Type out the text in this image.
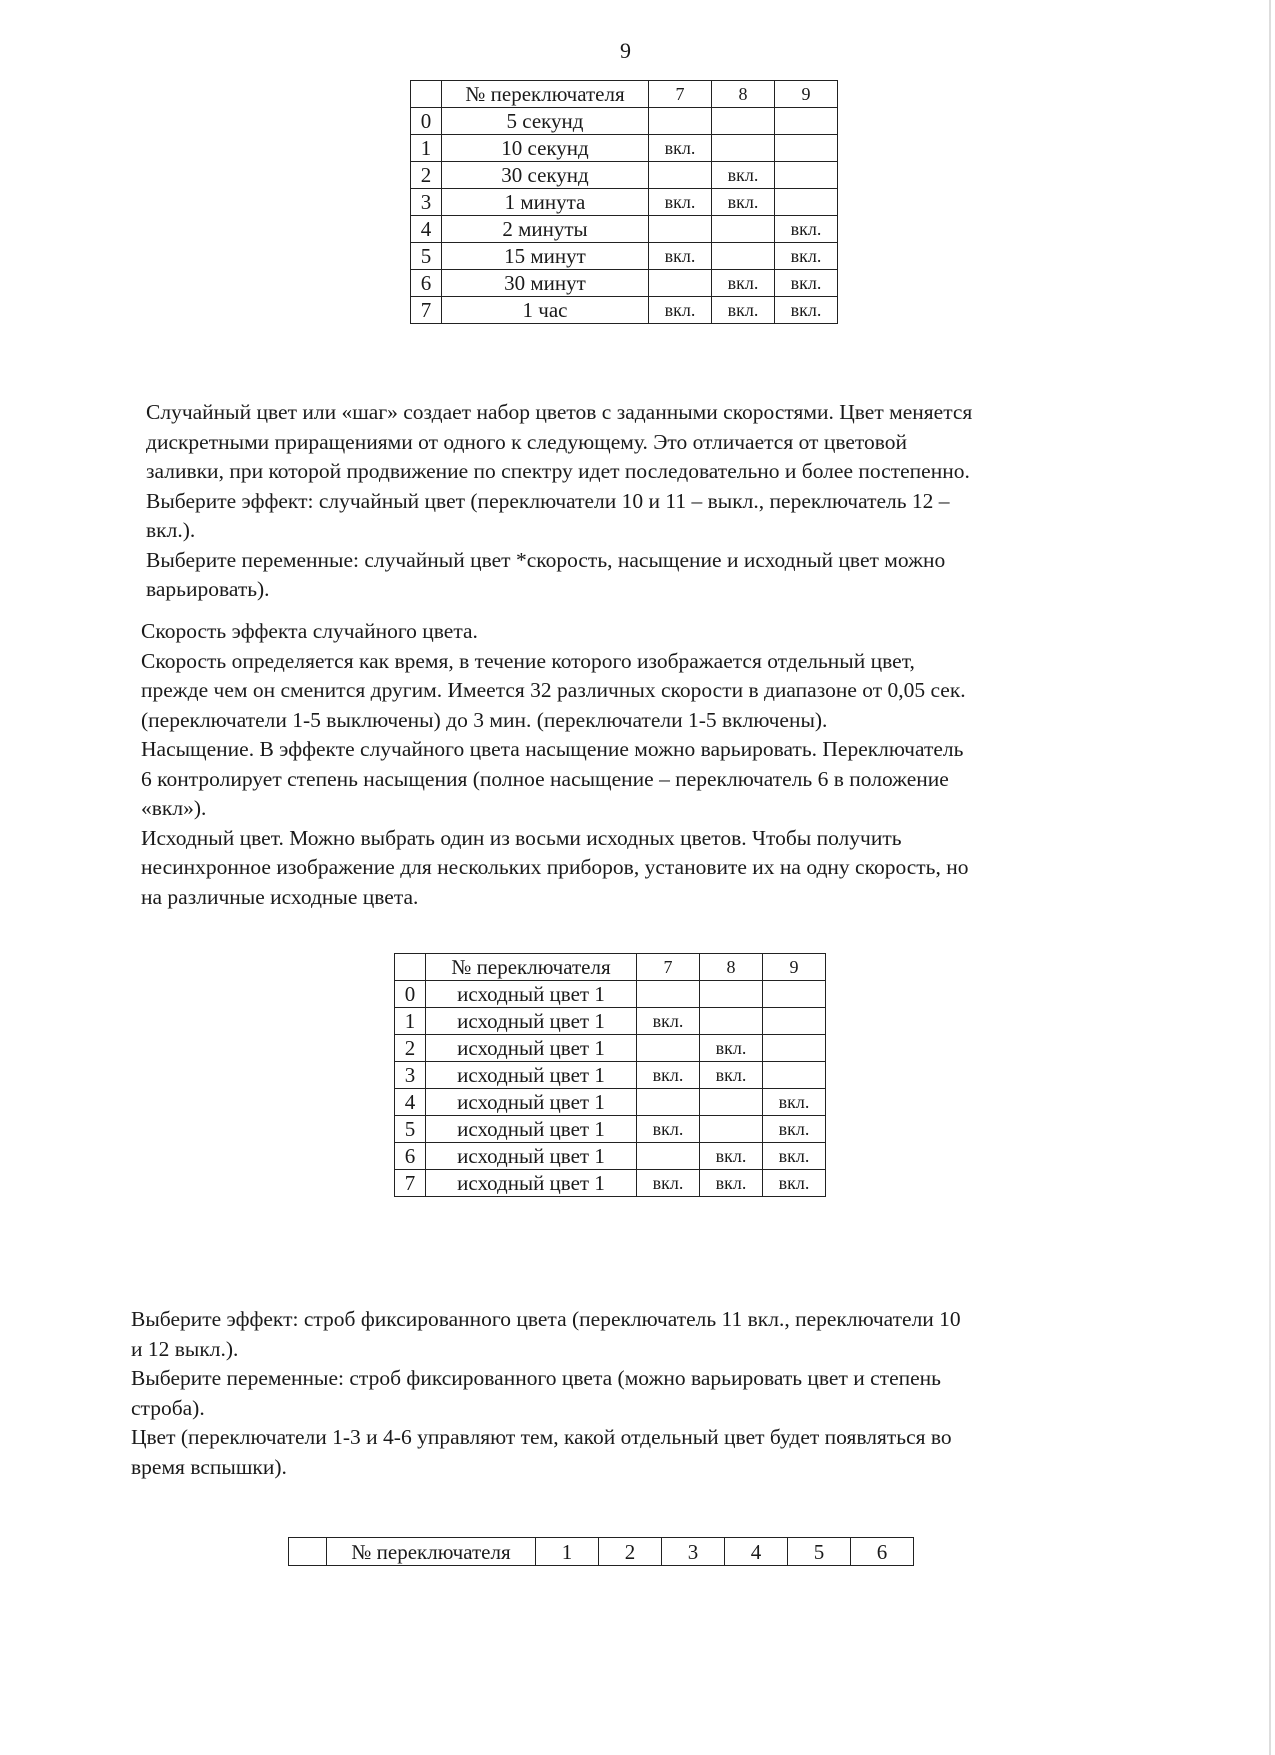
9
	№ переключателя	7	8	9
0	5 секунд			
1	10 секунд	вкл.		
2	30 секунд		вкл.	
3	1 минута	вкл.	вкл.	
4	2 минуты			вкл.
5	15 минут	вкл.		вкл.
6	30 минут		вкл.	вкл.
7	1 час	вкл.	вкл.	вкл.
Случайный цвет или «шаг» создает набор цветов с заданными скоростями. Цвет меняется
дискретными приращениями от одного к следующему. Это отличается от цветовой
заливки, при которой продвижение по спектру идет последовательно и более постепенно.
Выберите эффект: случайный цвет (переключатели 10 и 11 – выкл., переключатель 12 –
вкл.).
Выберите переменные: случайный цвет *скорость, насыщение и исходный цвет можно
варьировать).
Скорость эффекта случайного цвета.
Скорость определяется как время, в течение которого изображается отдельный цвет,
прежде чем он сменится другим. Имеется 32 различных скорости в диапазоне от 0,05 сек.
(переключатели 1-5 выключены) до 3 мин. (переключатели 1-5 включены).
Насыщение. В эффекте случайного цвета насыщение можно варьировать. Переключатель
6 контролирует степень насыщения (полное насыщение – переключатель 6 в положение
«вкл»).
Исходный цвет. Можно выбрать один из восьми исходных цветов. Чтобы получить
несинхронное изображение для нескольких приборов, установите их на одну скорость, но
на различные исходные цвета.
	№ переключателя	7	8	9
0	исходный цвет 1			
1	исходный цвет 1	вкл.		
2	исходный цвет 1		вкл.	
3	исходный цвет 1	вкл.	вкл.	
4	исходный цвет 1			вкл.
5	исходный цвет 1	вкл.		вкл.
6	исходный цвет 1		вкл.	вкл.
7	исходный цвет 1	вкл.	вкл.	вкл.
Выберите эффект: строб фиксированного цвета (переключатель 11 вкл., переключатели 10
и 12 выкл.).
Выберите переменные: строб фиксированного цвета (можно варьировать цвет и степень
строба).
Цвет (переключатели 1-3 и 4-6 управляют тем, какой отдельный цвет будет появляться во
время вспышки).
	№ переключателя	1	2	3	4	5	6
